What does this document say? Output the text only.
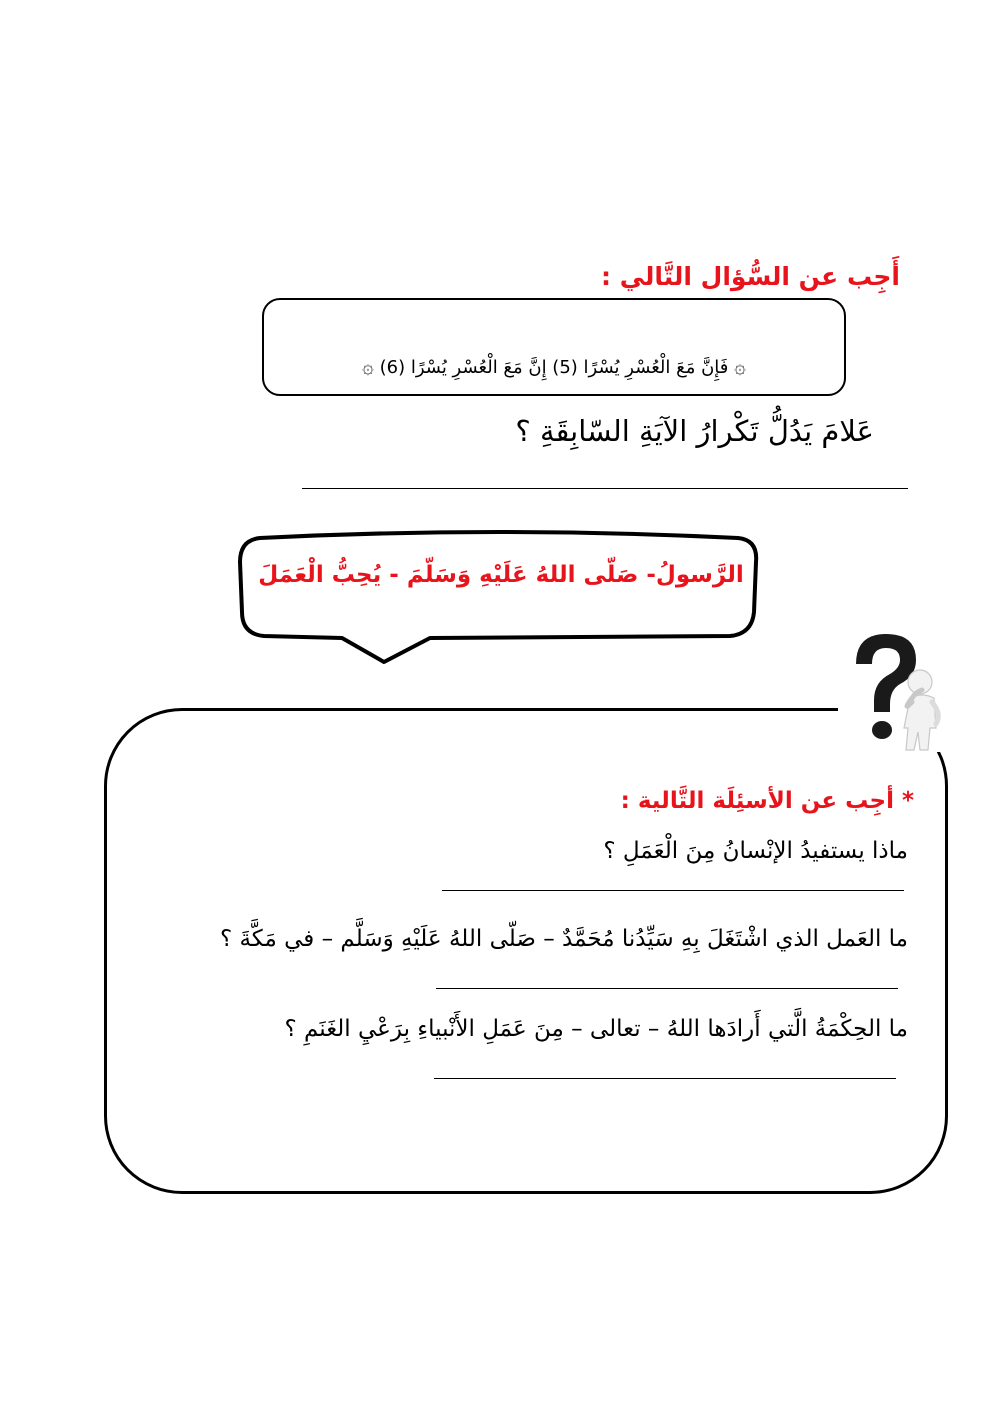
أَجِب عن السُّؤال التَّالي :
۞ فَإِنَّ مَعَ الْعُسْرِ يُسْرًا (5) إِنَّ مَعَ الْعُسْرِ يُسْرًا (6) ۞
عَلامَ يَدُلُّ تَكْرارُ الآيَةِ السّابِقَةِ ؟
الرَّسولُ- صَلّى اللهُ عَلَيْهِ وَسَلّمَ - يُحِبُّ الْعَمَلَ
* أجِب عن الأسئِلَة التَّالية :
ماذا يستفيدُ الإنْسانُ مِنَ الْعَمَلِ ؟
ما العَمل الذي اشْتَغَلَ بِهِ سَيِّدُنا مُحَمَّدٌ – صَلّى اللهُ عَلَيْهِ وَسَلَّم – في مَكَّةَ ؟
ما الحِكْمَةُ الَّتي أَرادَها اللهُ – تعالى – مِنَ عَمَلِ الأَنْبياءِ بِرَعْيِ الغَنَمِ ؟
